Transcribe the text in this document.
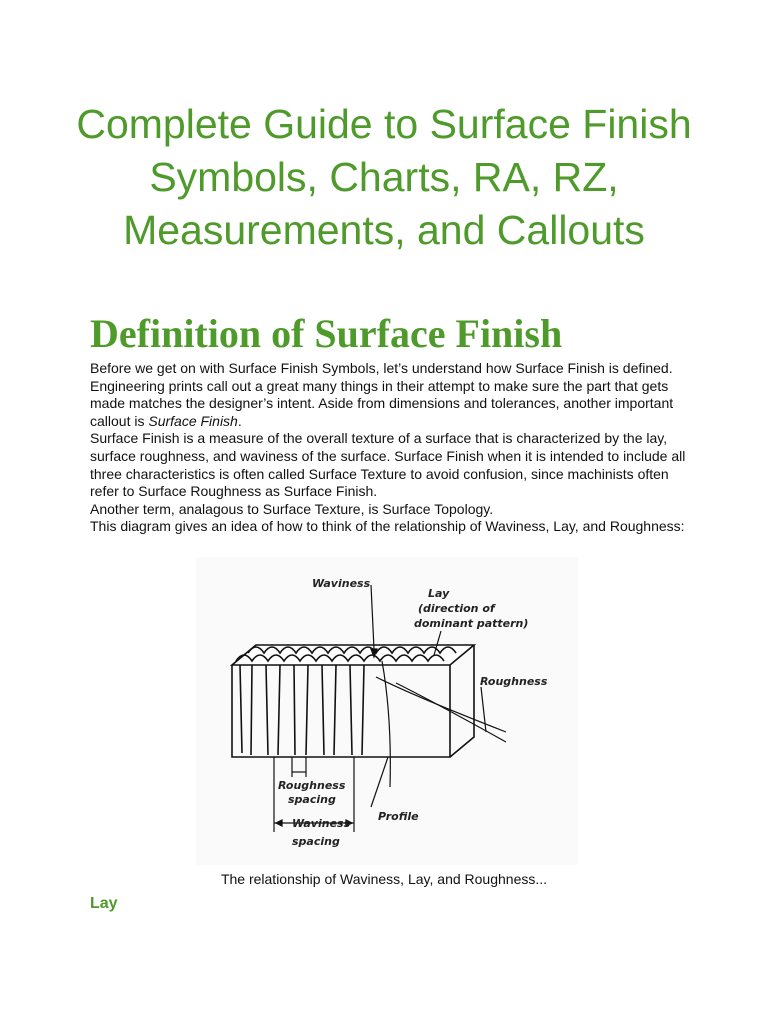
Complete Guide to Surface Finish Symbols, Charts, RA, RZ, Measurements, and Callouts
Definition of Surface Finish

Before we get on with Surface Finish Symbols, let’s understand how Surface Finish is defined. Engineering prints call out a great many things in their attempt to make sure the part that gets made matches the designer’s intent. Aside from dimensions and tolerances, another important callout is Surface Finish.

Surface Finish is a measure of the overall texture of a surface that is characterized by the lay, surface roughness, and waviness of the surface. Surface Finish when it is intended to include all three characteristics is often called Surface Texture to avoid confusion, since machinists often refer to Surface Roughness as Surface Finish.

Another term, analagous to Surface Texture, is Surface Topology.

This diagram gives an idea of how to think of the relationship of Waviness, Lay, and Roughness:

Waviness
Lay
(direction of
dominant pattern)
Roughness
Roughness
spacing
Profile
Waviness
spacing
The relationship of Waviness, Lay, and Roughness...
Lay
